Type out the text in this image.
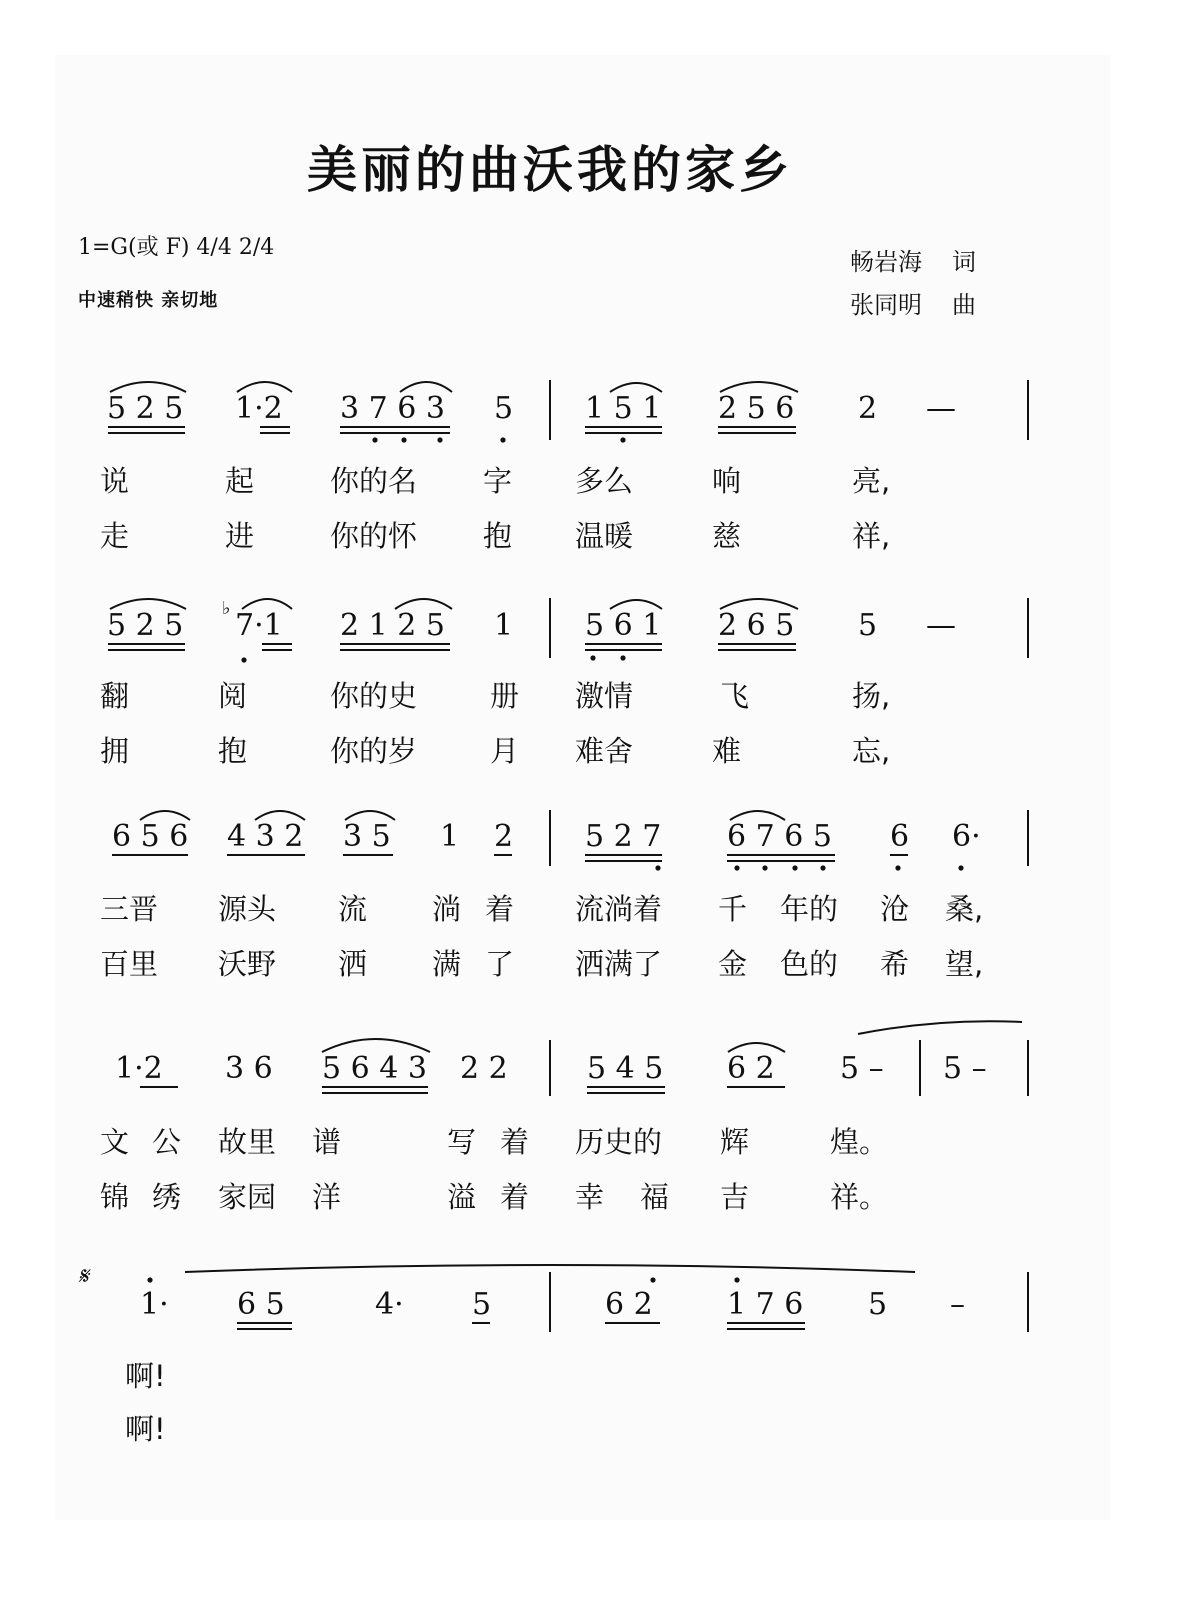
美丽的曲沃我的家乡
1=G(或 F) 4/4 2/4
中速稍快 亲切地
畅岩海 词
张同明 曲
5 2 5 1·2 3 7 6 3 5 1 5 1 2 5 6 2 —
5 2 5 ♭ 7·1 2 1 2 5 1 5 6 1 2 6 5 5 —
6 5 6 4 3 2 3 5 1 2 5 2 7 6 7 6 5 6 6·
1·2 3 6 5 6 4 3 2 2	5 4 5 6 2 5 – 5 –
1· 6 5	4· 5	6 2 1 7 6 5 –
𝄋
说	起	你的名 字 多么	响	亮,
走	进	你的怀 抱 温暖	慈	祥,
翻	阅	你的史	册 激情	飞	扬,
拥	抱	你的岁	月 难舍	难	忘,
三晋 源头 流 淌 着 流淌着 千 年的 沧 桑,
百里 沃野 洒 满 了 洒满了 金 色的 希 望,
文 公 故里 谱	写 着 历史的 辉	煌。
锦 绣 家园 洋	溢 着 幸 福 吉	祥。
啊!
啊!
